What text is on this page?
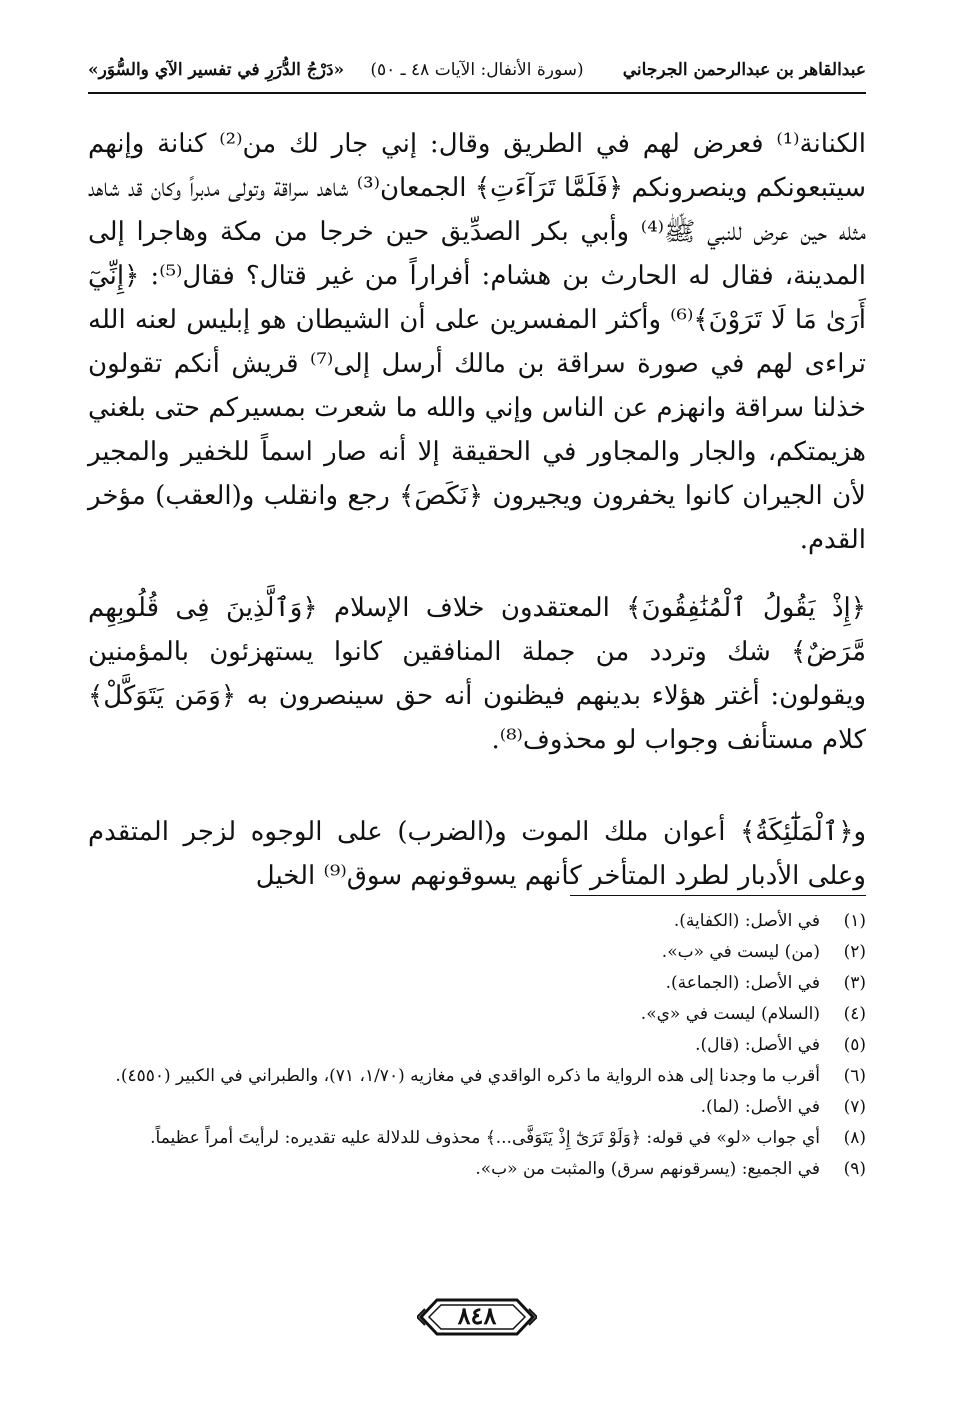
عبدالقاهر بن عبدالرحمن الجرجاني
(سورة الأنفال: الآيات ٤٨ ـ ٥٠)
«دَرْجُ الدُّرَرِ في تفسير الآي والسُّوَر»

الكنانة⁽¹⁾ فعرض لهم في الطريق وقال: إني جار لك من⁽²⁾ كنانة وإنهم سيتبعونكم وينصرونكم ﴿فَلَمَّا تَرَآءَتِ﴾ الجمعان⁽³⁾ شاهد سراقة وتولى مدبراً وكان قد شاهد مثله حين عرض للنبي ﷺ⁽⁴⁾ وأبي بكر الصدِّيق حين خرجا من مكة وهاجرا إلى المدينة، فقال له الحارث بن هشام: أفراراً من غير قتال؟ فقال⁽⁵⁾: ﴿إِنِّيٓ أَرَىٰ مَا لَا تَرَوْنَ﴾⁽⁶⁾ وأكثر المفسرين على أن الشيطان هو إبليس لعنه الله تراءى لهم في صورة سراقة بن مالك أرسل إلى⁽⁷⁾ قريش أنكم تقولون خذلنا سراقة وانهزم عن الناس وإني والله ما شعرت بمسيركم حتى بلغني هزيمتكم، والجار والمجاور في الحقيقة إلا أنه صار اسماً للخفير والمجير لأن الجيران كانوا يخفرون ويجيرون ﴿نَكَصَ﴾ رجع وانقلب و(العقب) مؤخر القدم.

﴿إِذْ يَقُولُ ٱلْمُنَٰفِقُونَ﴾ المعتقدون خلاف الإسلام ﴿وَٱلَّذِينَ فِى قُلُوبِهِم مَّرَضٌ﴾ شك وتردد من جملة المنافقين كانوا يستهزئون بالمؤمنين ويقولون: أغتر هؤلاء بدينهم فيظنون أنه حق سينصرون به ﴿وَمَن يَتَوَكَّلْ﴾ كلام مستأنف وجواب لو محذوف⁽⁸⁾.

و﴿ٱلْمَلَٰٓئِكَةُ﴾ أعوان ملك الموت و(الضرب) على الوجوه لزجر المتقدم وعلى الأدبار لطرد المتأخر كأنهم يسوقونهم سوق⁽⁹⁾ الخيل

(١)
في الأصل: (الكفاية).
(٢)
(من) ليست في «ب».
(٣)
في الأصل: (الجماعة).
(٤)
(السلام) ليست في «ي».
(٥)
في الأصل: (قال).
(٦)
أقرب ما وجدنا إلى هذه الرواية ما ذكره الواقدي في مغازيه (١/٧٠، ٧١)، والطبراني في الكبير (٤٥٥٠).
(٧)
في الأصل: (لما).
(٨)
أي جواب «لو» في قوله: ﴿وَلَوْ تَرَىٰٓ إِذْ يَتَوَفَّى...﴾ محذوف للدلالة عليه تقديره: لرأيتَ أمراً عظيماً.
(٩)
في الجميع: (يسرقونهم سرق) والمثبت من «ب».
٨٤٨
